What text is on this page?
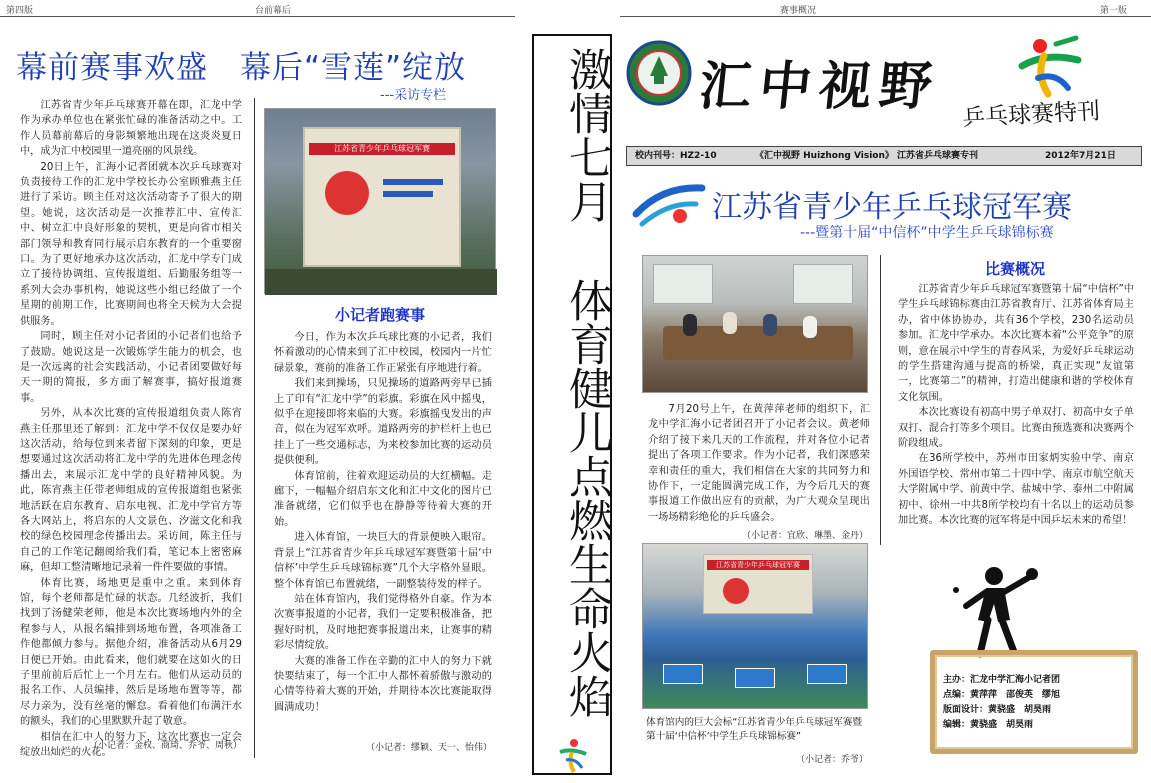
第四版	台前幕后	赛事概况	第一版
幕前赛事欢盛　幕后“雪莲”绽放
---采访专栏

江苏省青少年乒乓球赛开幕在即，汇龙中学作为承办单位也在紧张忙碌的准备活动之中。工作人员幕前幕后的身影频繁地出现在这炎炎夏日中，成为汇中校园里一道亮丽的风景线。

20日上午，汇海小记者团就本次乒乓球赛对负责接待工作的汇龙中学校长办公室顾雅燕主任进行了采访。顾主任对这次活动寄予了很大的期望。她说，这次活动是一次推荐汇中、宣传汇中、树立汇中良好形象的契机，更是向省市相关部门领导和教育同行展示启东教育的一个重要窗口。为了更好地承办这次活动，汇龙中学专门成立了接待协调组、宣传报道组、后勤服务组等一系列大会办事机构，她说这些小组已经做了一个星期的前期工作，比赛期间也将全天候为大会提供服务。

同时，顾主任对小记者团的小记者们也给予了鼓励。她说这是一次锻炼学生能力的机会，也是一次远离的社会实践活动，小记者团要做好每天一期的简报，多方面了解赛事，搞好报道赛事。

另外，从本次比赛的宣传报道组负责人陈宵燕主任那里还了解到：汇龙中学不仅仅是要办好这次活动，给每位到来者留下深刻的印象，更是想要通过这次活动将汇龙中学的先进体色理念传播出去，来展示汇龙中学的良好精神风貌。为此，陈宵燕主任带老师组成的宣传报道组也紧张地活跃在启东教育、启东电视、汇龙中学官方等各大网站上，将启东的人文景色、汐滋文化和我校的绿色校园理念传播出去。采访间，陈主任与自己的工作笔记翻阅给我们看，笔记本上密密麻麻，但却工整清晰地记录着一件件要做的事情。

体育比赛，场地更是重中之重。来到体育馆，每个老师都是忙碌的状态。几经波折，我们找到了汤健荣老师，他是本次比赛场地内外的全程参与人，从报名编排到场地布置，各项准备工作他都倾力参与。据他介绍，准备活动从6月29日便已开始。由此看来，他们就要在这如火的日子里前前后后忙上一个月左右。他们从运动员的报名工作、人员编排，然后是场地布置等等，都尽力亲为，没有丝毫的懈怠。看着他们布满汗水的额头，我们的心里默默升起了敬意。

相信在汇中人的努力下，这次比赛也一定会绽放出灿烂的火花。

（小记者：金权、商琦、乔爷、周秋）
江苏省青少年乒乓球冠军赛
小记者跑赛事

今日，作为本次乒乓球比赛的小记者，我们怀着激动的心情来到了汇中校园，校园内一片忙碌景象，赛前的准备工作正紧张有序地进行着。

我们来到操场，只见操场的道路两旁早已插上了印有“汇龙中学”的彩旗。彩旗在风中摇曳，似乎在迎接即将来临的大赛。彩旗摇曳发出的声音，似在为冠军欢呼。道路两旁的护栏杆上也已挂上了一些交通标志，为来校参加比赛的运动员提供便利。

体育馆前，往着欢迎运动员的大红横幅。走廊下，一幅幅介绍启东文化和汇中文化的图片已准备就绪，它们似乎也在静静等待着大赛的开始。

进入体育馆，一块巨大的背景便映入眼帘。背景上“江苏省青少年乒乓球冠军赛暨第十届‘中信杯’中学生乒乓球锦标赛”几个大字格外显眼。整个体育馆已布置就绪，一副整装待发的样子。

站在体育馆内，我们觉得格外自豪。作为本次赛事报道的小记者，我们一定要积极准备，把握好时机，及时地把赛事报道出来，让赛事的精彩尽情绽放。

大赛的准备工作在辛勤的汇中人的努力下就快要结束了，每一个汇中人都怀着骄傲与激动的心情等待着大赛的开始，并期待本次比赛能取得圆满成功！

（小记者：缪颖、天一、怡伟）
激情七月
体育健儿点燃生命火焰
汇中视野 乒乓球赛特刊
校内刊号：HZ2-10	《汇中视野 Huizhong Vision》 江苏省乒乓球赛专刊	2012年7月21日
江苏省青少年乒乓球冠军赛
---暨第十届“中信杯”中学生乒乓球锦标赛

7月20号上午，在黄萍萍老师的组织下，汇龙中学汇海小记者团召开了小记者会议。黄老师介绍了接下来几天的工作流程，并对各位小记者提出了各项工作要求。作为小记者，我们深感荣幸和责任的重大，我们相信在大家的共同努力和协作下，一定能圆满完成工作，为今后几天的赛事报道工作做出应有的贡献，为广大观众呈现出一场场精彩绝伦的乒乓盛会。

（小记者：宜欣、琳墨、金丹）
江苏省青少年乒乓球冠军赛
体育馆内的巨大会标“江苏省青少年乒乓球冠军赛暨第十届‘中信杯’中学生乒乓球锦标赛”
（小记者：乔爷）
比赛概况

江苏省青少年乒乓球冠军赛暨第十届“中信杯”中学生乒乓球锦标赛由江苏省教育厅、江苏省体育局主办，省中体协协办，共有36个学校，230名运动员参加。汇龙中学承办。本次比赛本着“公平竞争”的原则，意在展示中学生的青春风采，为爱好乒乓球运动的学生搭建沟通与提高的桥梁，真正实现“友谊第一，比赛第二”的精神，打造出健康和谐的学校体育文化氛围。

本次比赛设有初高中男子单双打、初高中女子单双打、混合打等多个项目。比赛由预选赛和决赛两个阶段组成。

在36所学校中，苏州市田家炳实验中学、南京外国语学校、常州市第二十四中学、南京市航空航天大学附属中学、前黄中学、盐城中学、泰州二中附属初中、徐州一中共8所学校均有十名以上的运动员参加比赛。本次比赛的冠军将是中国乒坛未来的希望！

主办：汇龙中学汇海小记者团
点编：黄萍萍　邵俊英　缪旭
版面设计：黄骁盛　胡昊雨
编辑：黄骁盛　胡昊雨
